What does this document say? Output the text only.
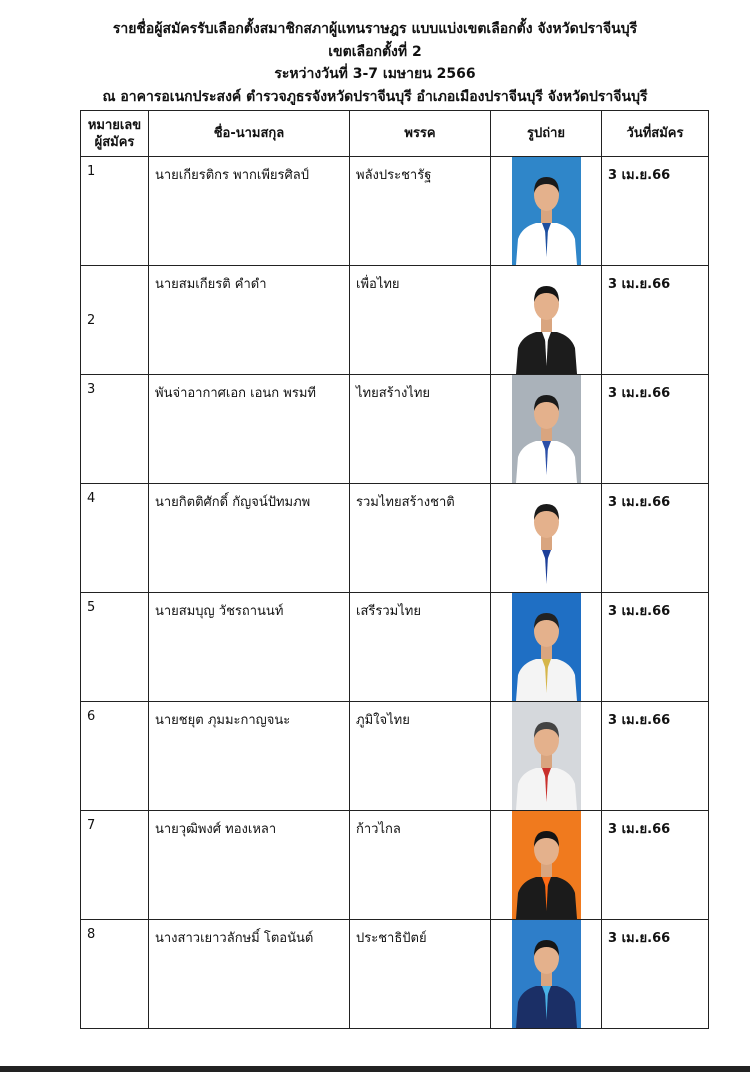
รายชื่อผู้สมัครรับเลือกตั้งสมาชิกสภาผู้แทนราษฎร แบบแบ่งเขตเลือกตั้ง จังหวัดปราจีนบุรี
เขตเลือกตั้งที่ 2
ระหว่างวันที่ 3-7 เมษายน 2566
ณ อาคารอเนกประสงค์ ตำรวจภูธรจังหวัดปราจีนบุรี อำเภอเมืองปราจีนบุรี จังหวัดปราจีนบุรี
หมายเลข ผู้สมัคร	ชื่อ-นามสกุล	พรรค	รูปถ่าย	วันที่สมัคร
1	นายเกียรติกร พากเพียรศิลป์	พลังประชารัฐ		3 เม.ย.66
2	นายสมเกียรติ คำดำ	เพื่อไทย		3 เม.ย.66
3	พันจ่าอากาศเอก เอนก พรมที	ไทยสร้างไทย		3 เม.ย.66
4	นายกิตติศักดิ์ กัญจน์ปัทมภพ	รวมไทยสร้างชาติ		3 เม.ย.66
5	นายสมบุญ วัชรถานนท์	เสรีรวมไทย		3 เม.ย.66
6	นายชยุต ภุมมะกาญจนะ	ภูมิใจไทย		3 เม.ย.66
7	นายวุฒิพงศ์ ทองเหลา	ก้าวไกล		3 เม.ย.66
8	นางสาวเยาวลักษมิ์ โตอนันต์	ประชาธิปัตย์		3 เม.ย.66
